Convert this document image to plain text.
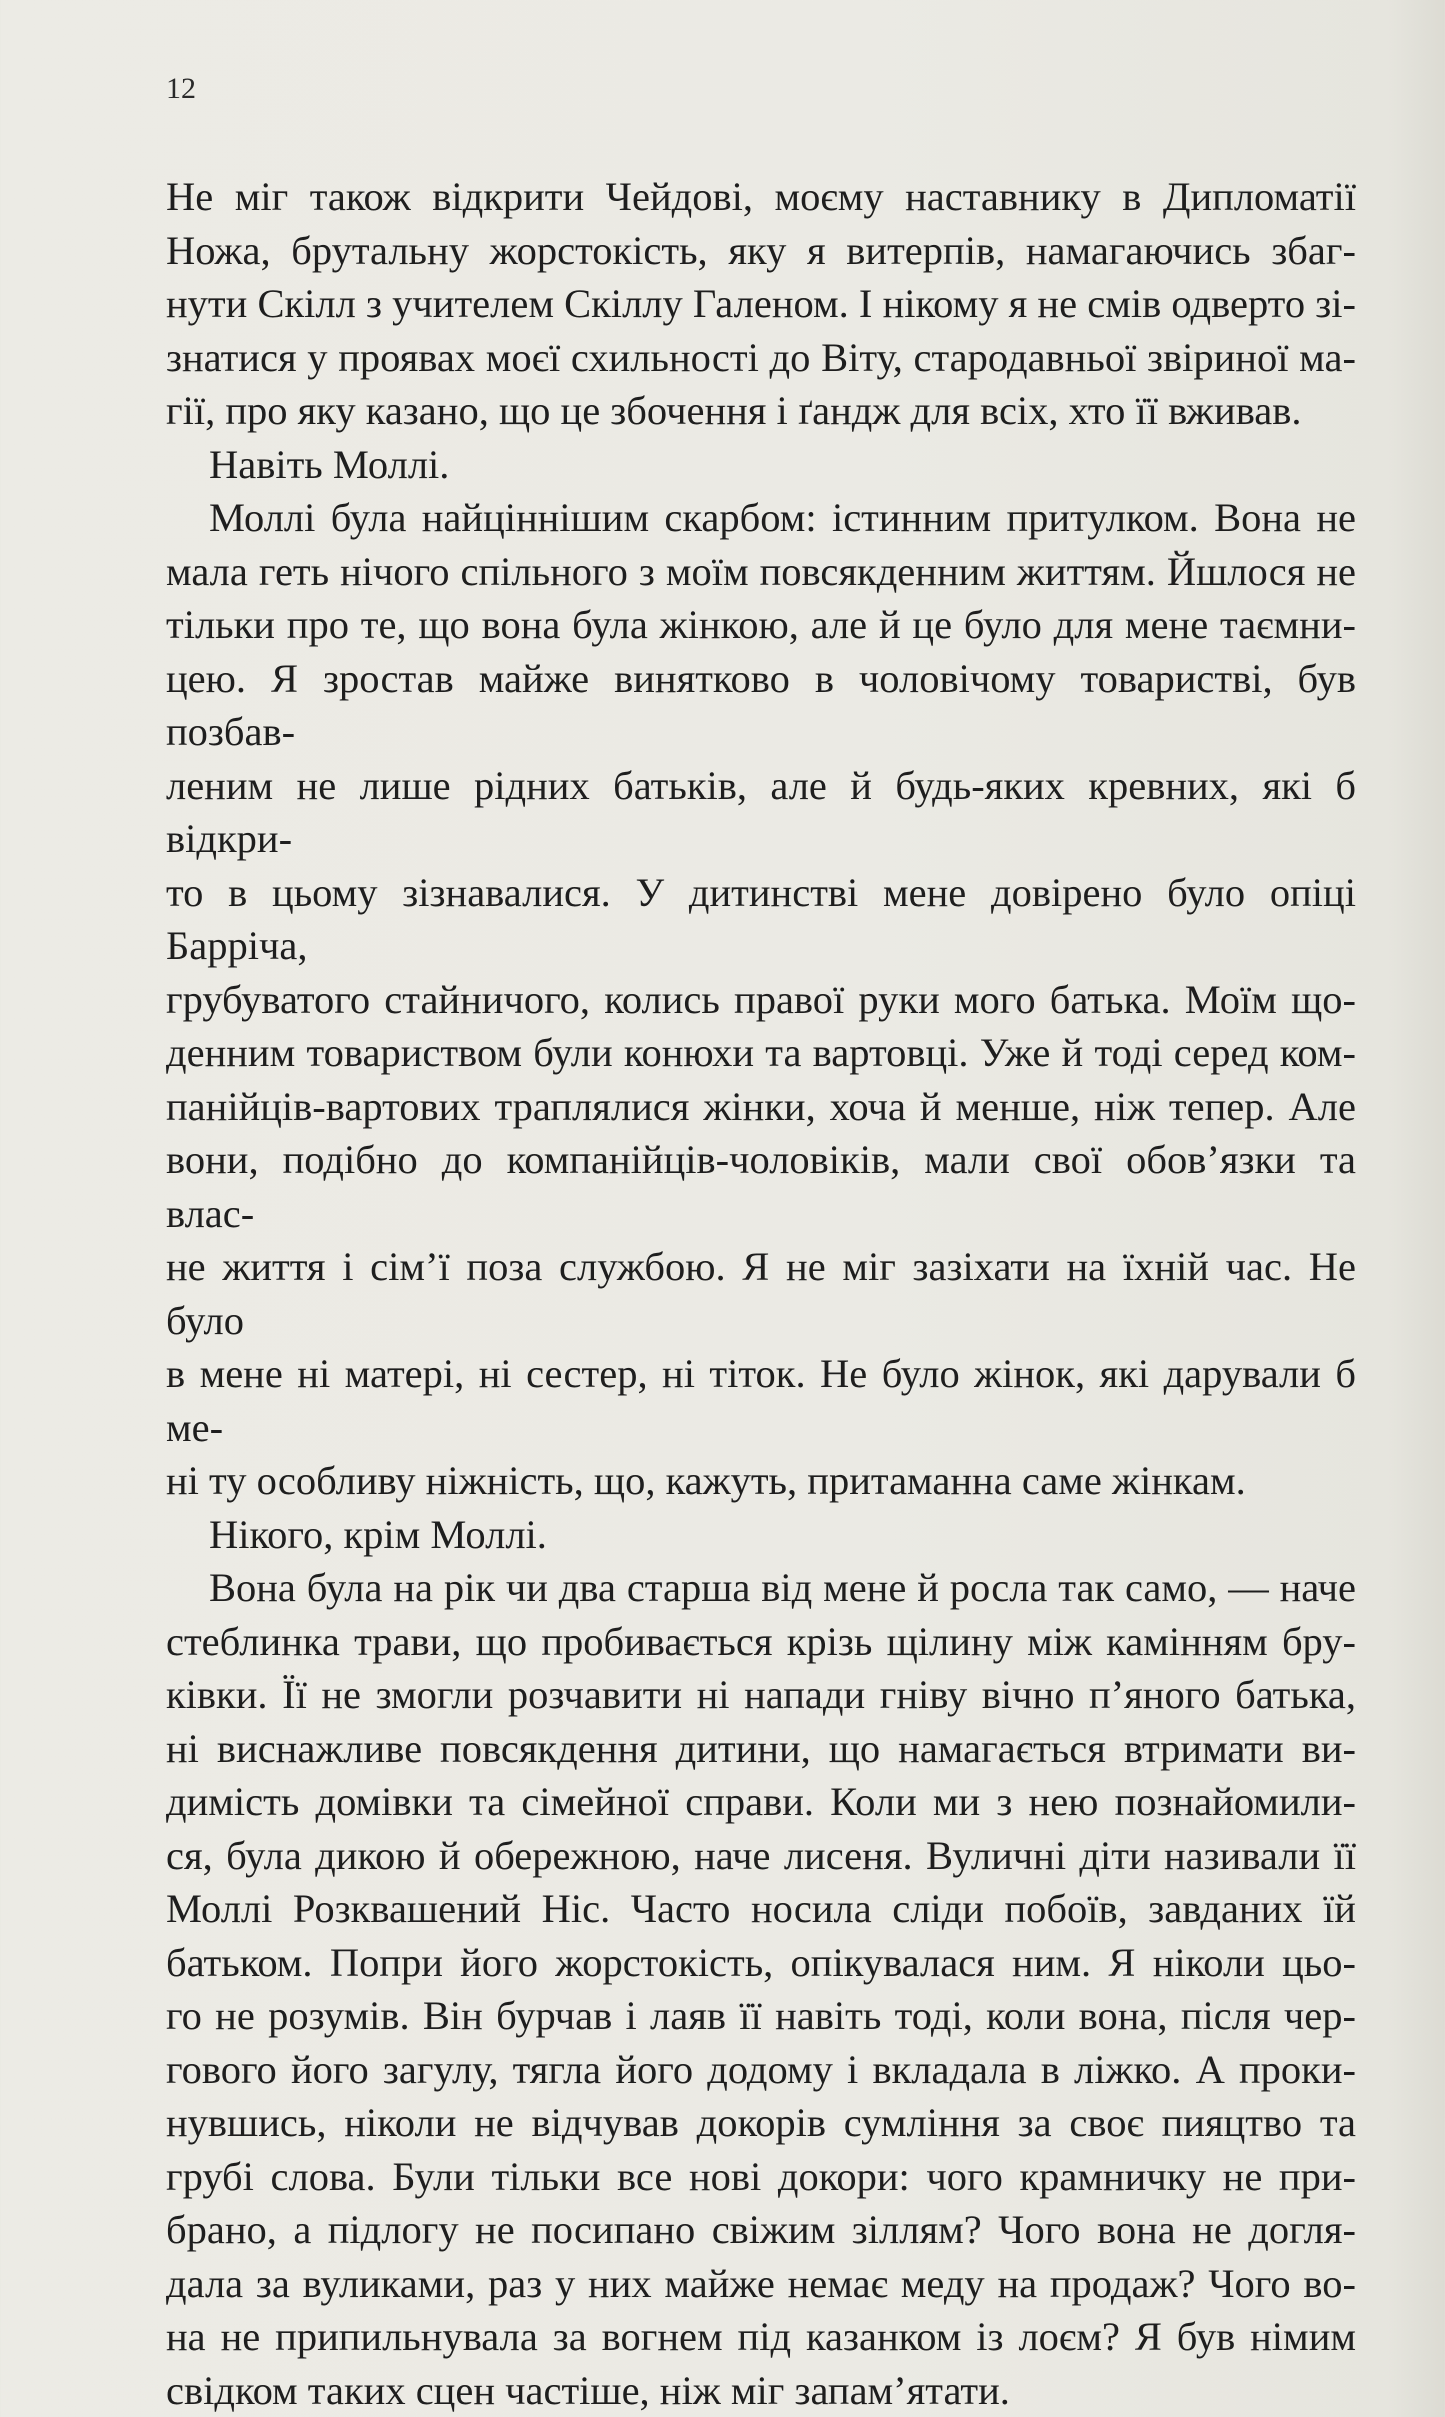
12
Не міг також відкрити Чейдові, моєму наставнику в Дипломатії
Ножа, брутальну жорстокість, яку я витерпів, намагаючись збаг-
нути Скілл з учителем Скіллу Галеном. І нікому я не смів одверто зі-
знатися у проявах моєї схильності до Віту, стародавньої звіриної ма-
гії, про яку казано, що це збочення і ґандж для всіх, хто її вживав.
Навіть Моллі.
Моллі була найціннішим скарбом: істинним притулком. Вона не
мала геть нічого спільного з моїм повсякденним життям. Йшлося не
тільки про те, що вона була жінкою, але й це було для мене таємни-
цею. Я зростав майже винятково в чоловічому товаристві, був позбав-
леним не лише рідних батьків, але й будь-яких кревних, які б відкри-
то в цьому зізнавалися. У дитинстві мене довірено було опіці Барріча,
грубуватого стайничого, колись правої руки мого батька. Моїм що-
денним товариством були конюхи та вартовці. Уже й тоді серед ком-
панійців-вартових траплялися жінки, хоча й менше, ніж тепер. Але
вони, подібно до компанійців-чоловіків, мали свої обов’язки та влас-
не життя і сім’ї поза службою. Я не міг зазіхати на їхній час. Не було
в мене ні матері, ні сестер, ні тіток. Не було жінок, які дарували б ме-
ні ту особливу ніжність, що, кажуть, притаманна саме жінкам.
Нікого, крім Моллі.
Вона була на рік чи два старша від мене й росла так само, — наче
стеблинка трави, що пробивається крізь щілину між камінням бру-
ківки. Її не змогли розчавити ні напади гніву вічно п’яного батька,
ні виснажливе повсякдення дитини, що намагається втримати ви-
димість домівки та сімейної справи. Коли ми з нею познайомили-
ся, була дикою й обережною, наче лисеня. Вуличні діти називали її
Моллі Розквашений Ніс. Часто носила сліди побоїв, завданих їй
батьком. Попри його жорстокість, опікувалася ним. Я ніколи цьо-
го не розумів. Він бурчав і лаяв її навіть тоді, коли вона, після чер-
гового його загулу, тягла його додому і вкладала в ліжко. А проки-
нувшись, ніколи не відчував докорів сумління за своє пияцтво та
грубі слова. Були тільки все нові докори: чого крамничку не при-
брано, а підлогу не посипано свіжим зіллям? Чого вона не догля-
дала за вуликами, раз у них майже немає меду на продаж? Чого во-
на не припильнувала за вогнем під казанком із лоєм? Я був німим
свідком таких сцен частіше, ніж міг запам’ятати.
